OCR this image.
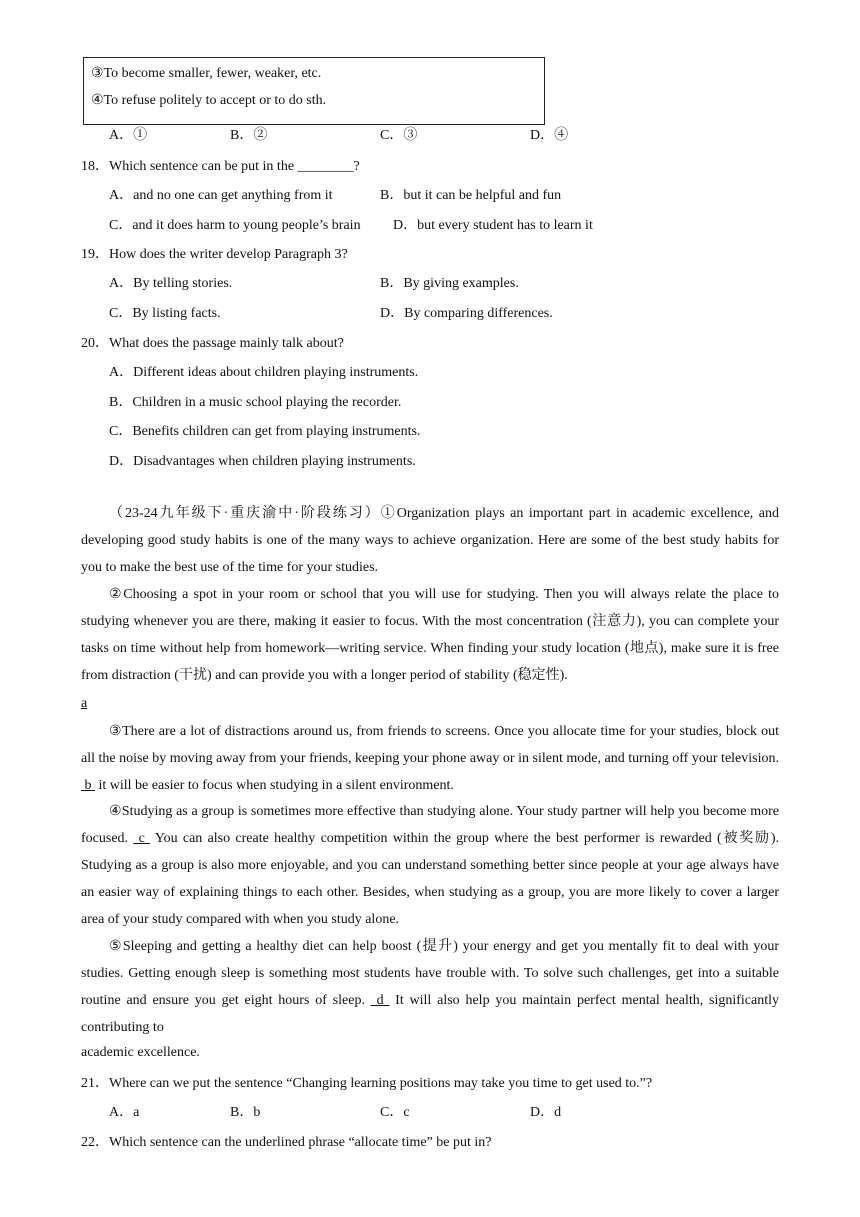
③To become smaller, fewer, weaker, etc.
④To refuse politely to accept or to do sth.
A．①	B．②	C．③	D．④
18．Which sentence can be put in the ________?
A．and no one can get anything from it	B．but it can be helpful and fun
C．and it does harm to young people’s brain D．but every student has to learn it
19．How does the writer develop Paragraph 3?
A．By telling stories.	B．By giving examples.
C．By listing facts.	D．By comparing differences.
20．What does the passage mainly talk about?
A．Different ideas about children playing instruments.
B．Children in a music school playing the recorder.
C．Benefits children can get from playing instruments.
D．Disadvantages when children playing instruments.
（23-24九年级下·重庆渝中·阶段练习）①Organization plays an important part in academic excellence, and developing good study habits is one of the many ways to achieve organization. Here are some of the best study habits for you to make the best use of the time for your studies.
②Choosing a spot in your room or school that you will use for studying. Then you will always relate the place to studying whenever you are there, making it easier to focus. With the most concentration (注意力), you can complete your tasks on time without help from homework—writing service. When finding your study location (地点), make sure it is free from distraction (干扰) and can provide you with a longer period of stability (稳定性).
a
③There are a lot of distractions around us, from friends to screens. Once you allocate time for your studies, block out all the noise by moving away from your friends, keeping your phone away or in silent mode, and turning off your television.  b  it will be easier to focus when studying in a silent environment.
④Studying as a group is sometimes more effective than studying alone. Your study partner will help you become more focused.  c  You can also create healthy competition within the group where the best performer is rewarded (被奖励). Studying as a group is also more enjoyable, and you can understand something better since people at your age always have an easier way of explaining things to each other. Besides, when studying as a group, you are more likely to cover a larger area of your study compared with when you study alone.
⑤Sleeping and getting a healthy diet can help boost (提升) your energy and get you mentally fit to deal with your studies. Getting enough sleep is something most students have trouble with. To solve such challenges, get into a suitable routine and ensure you get eight hours of sleep.  d  It will also help you maintain perfect mental health, significantly contributing to
academic excellence.
21．Where can we put the sentence “Changing learning positions may take you time to get used to.”?
A．a	B．b	C．c	D．d
22．Which sentence can the underlined phrase “allocate time” be put in?
